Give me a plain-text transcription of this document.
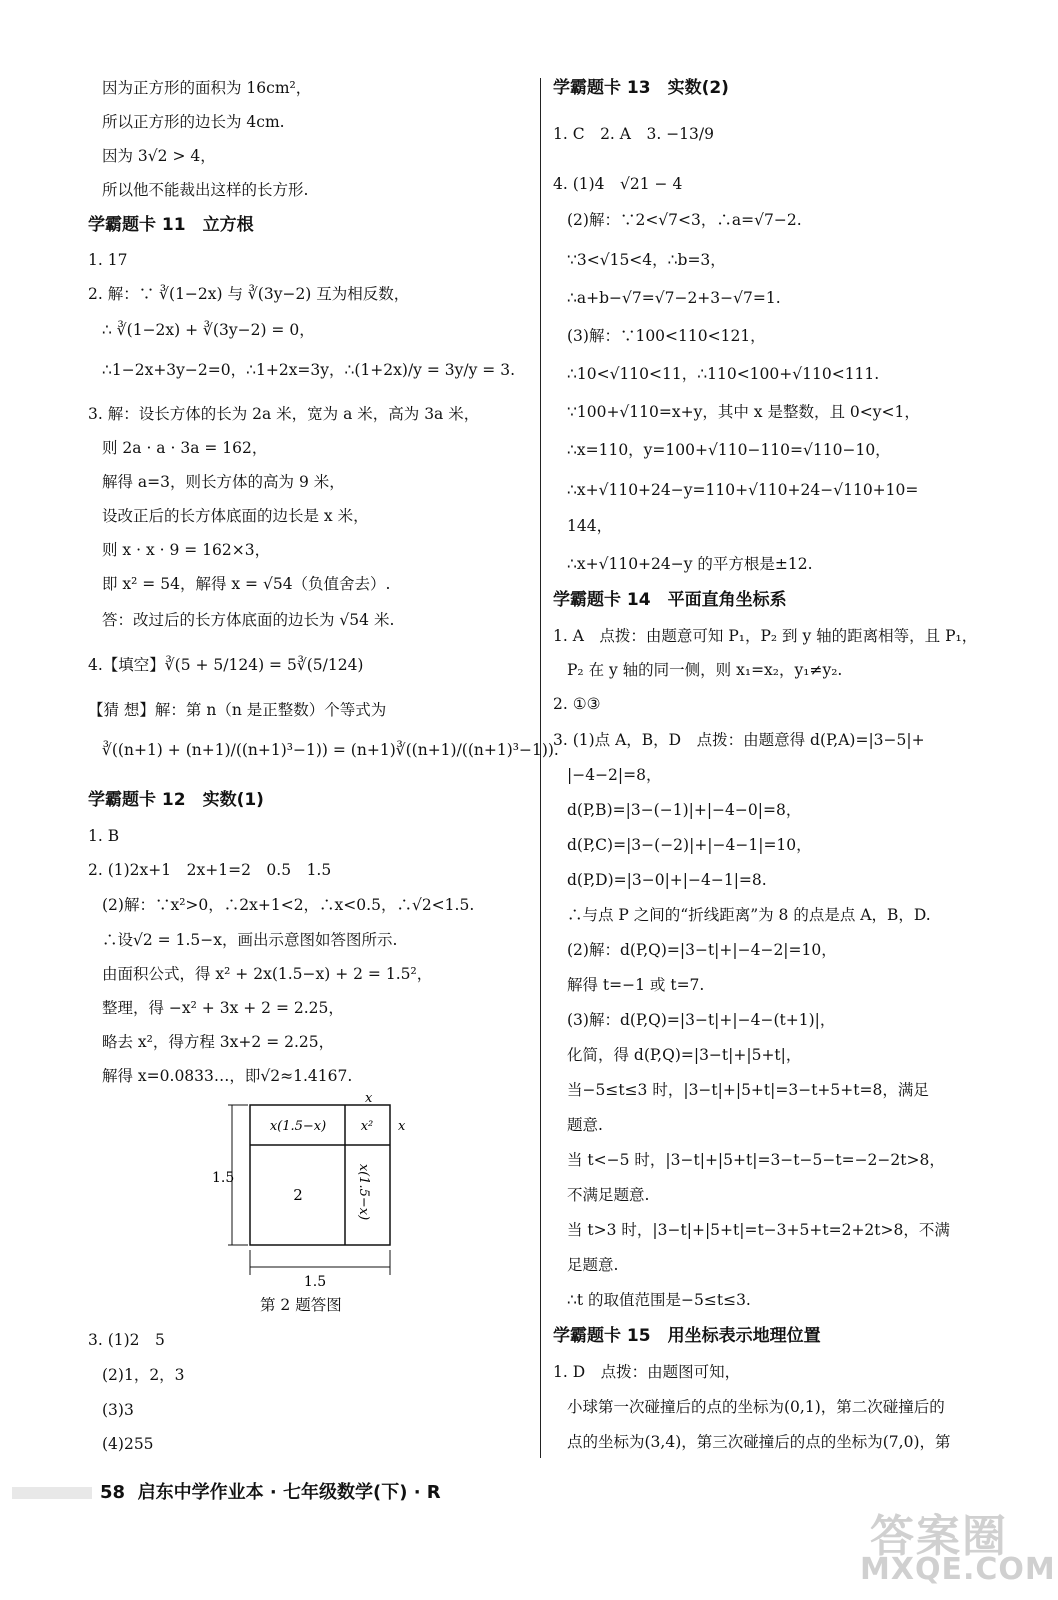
因为正方形的面积为 16cm²，
所以正方形的边长为 4cm.
因为 3√2 > 4，
所以他不能裁出这样的长方形.
学霸题卡 11　立方根
1. 17
2. 解：∵ ∛(1−2x) 与 ∛(3y−2) 互为相反数，
∴ ∛(1−2x) + ∛(3y−2) = 0，
∴1−2x+3y−2=0，∴1+2x=3y，∴(1+2x)/y = 3y/y = 3.
3. 解：设长方体的长为 2a 米，宽为 a 米，高为 3a 米，
则 2a · a · 3a = 162，
解得 a=3，则长方体的高为 9 米，
设改正后的长方体底面的边长是 x 米，
则 x · x · 9 = 162×3，
即 x² = 54，解得 x = √54（负值舍去）.
答：改过后的长方体底面的边长为 √54 米.
4.【填空】∛(5 + 5/124) = 5∛(5/124)
【猜 想】解：第 n（n 是正整数）个等式为
∛((n+1) + (n+1)/((n+1)³−1)) = (n+1)∛((n+1)/((n+1)³−1)).
学霸题卡 12　实数(1)
1. B
2. (1)2x+1　2x+1=2　0.5　1.5
(2)解：∵x²>0，∴2x+1<2，∴x<0.5，∴√2<1.5.
∴设√2 = 1.5−x，画出示意图如答图所示.
由面积公式，得 x² + 2x(1.5−x) + 2 = 1.5²，
整理，得 −x² + 3x + 2 = 2.25，
略去 x²，得方程 3x+2 = 2.25，
解得 x=0.0833…，即√2≈1.4167.
第 2 题答图
3. (1)2　5
(2)1，2，3
(3)3
(4)255
学霸题卡 13　实数(2)
1. C　2. A　3. −13/9
4. (1)4　√21 − 4
(2)解：∵2<√7<3，∴a=√7−2.
∵3<√15<4，∴b=3，
∴a+b−√7=√7−2+3−√7=1.
(3)解：∵100<110<121，
∴10<√110<11，∴110<100+√110<111.
∵100+√110=x+y，其中 x 是整数，且 0<y<1，
∴x=110，y=100+√110−110=√110−10，
∴x+√110+24−y=110+√110+24−√110+10=
144，
∴x+√110+24−y 的平方根是±12.
学霸题卡 14　平面直角坐标系
1. A　点拨：由题意可知 P₁，P₂ 到 y 轴的距离相等，且 P₁，
P₂ 在 y 轴的同一侧，则 x₁=x₂，y₁≠y₂.
2. ①③
3. (1)点 A，B，D　点拨：由题意得 d(P,A)=|3−5|+
|−4−2|=8，
d(P,B)=|3−(−1)|+|−4−0|=8，
d(P,C)=|3−(−2)|+|−4−1|=10，
d(P,D)=|3−0|+|−4−1|=8.
∴与点 P 之间的“折线距离”为 8 的点是点 A，B，D.
(2)解：d(P,Q)=|3−t|+|−4−2|=10，
解得 t=−1 或 t=7.
(3)解：d(P,Q)=|3−t|+|−4−(t+1)|，
化简，得 d(P,Q)=|3−t|+|5+t|，
当−5≤t≤3 时，|3−t|+|5+t|=3−t+5+t=8，满足
题意.
当 t<−5 时，|3−t|+|5+t|=3−t−5−t=−2−2t>8，
不满足题意.
当 t>3 时，|3−t|+|5+t|=t−3+5+t=2+2t>8，不满
足题意.
∴t 的取值范围是−5≤t≤3.
学霸题卡 15　用坐标表示地理位置
1. D　点拨：由题图可知，
小球第一次碰撞后的点的坐标为(0,1)，第二次碰撞后的
点的坐标为(3,4)，第三次碰撞后的点的坐标为(7,0)，第
x(1.5−x)	x² x
x
1.5
2	x(1.5−x)
1.5
58 启东中学作业本 · 七年级数学(下) · R
答案圈
MXQE.COM
